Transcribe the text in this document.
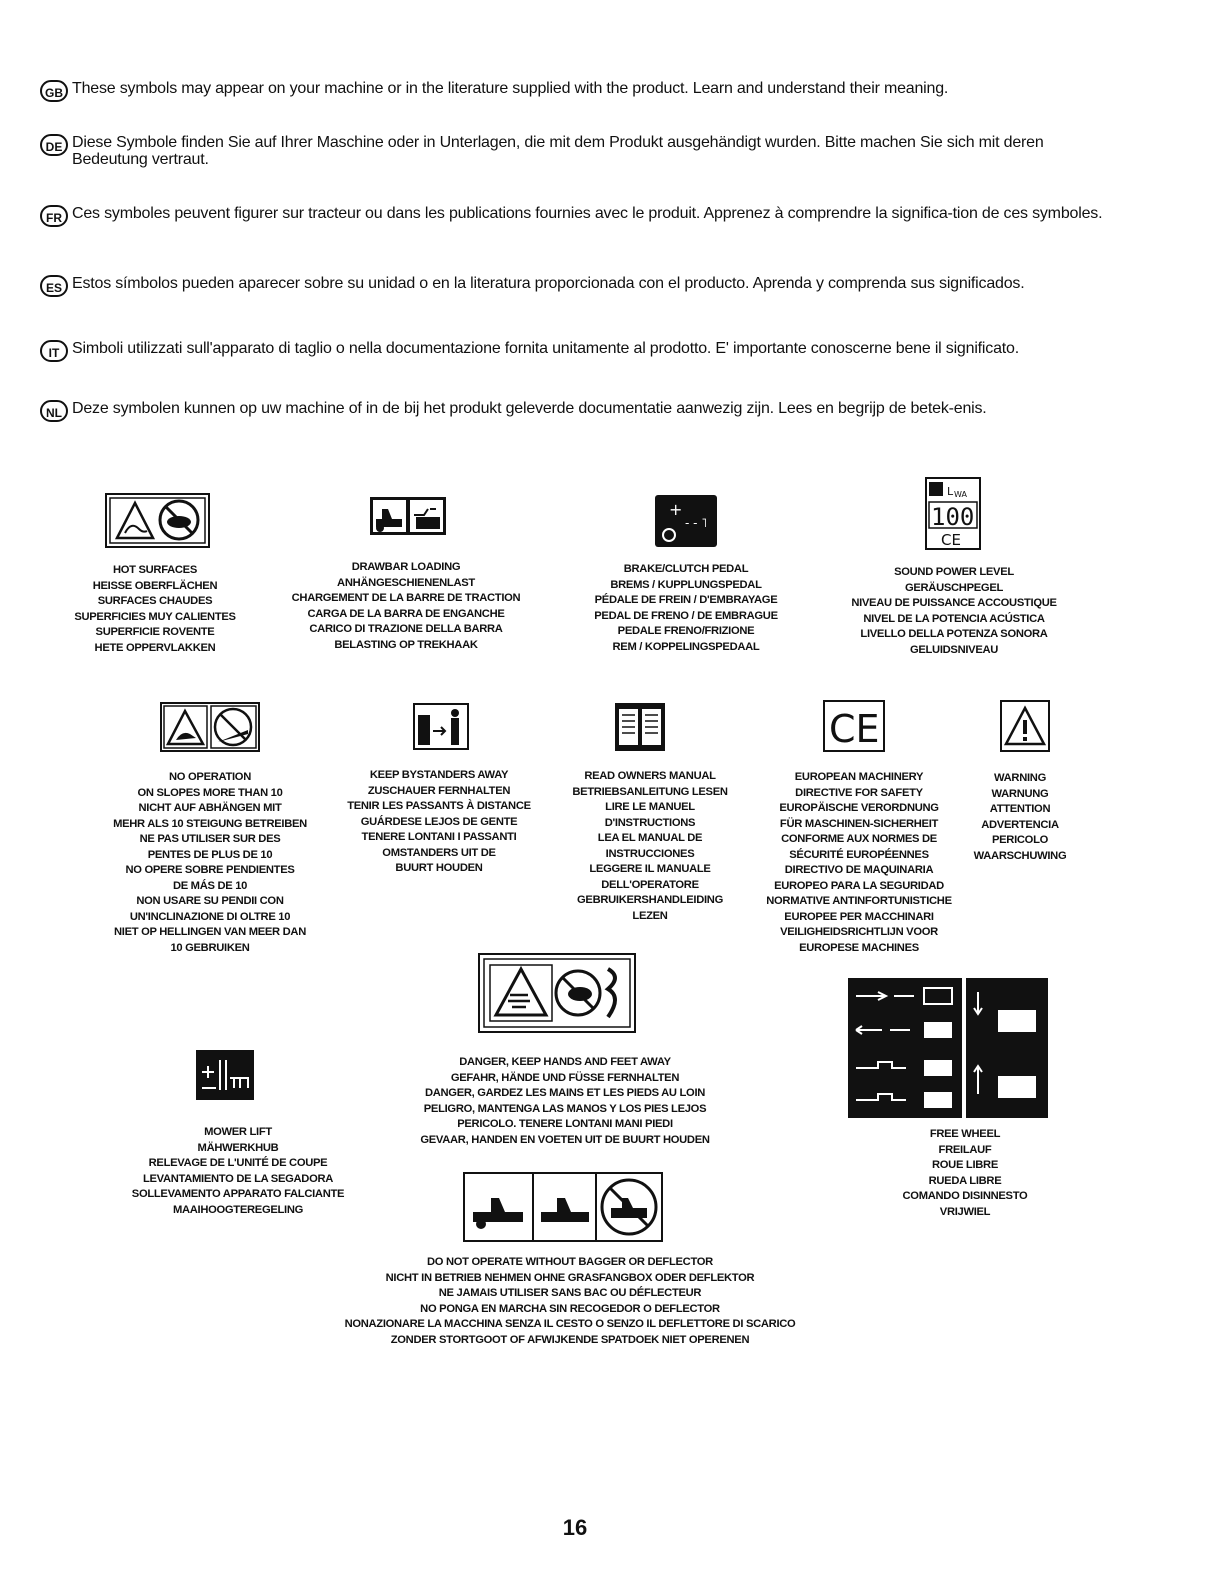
GB These symbols may appear on your machine or in the literature supplied with the product. Learn and understand their meaning.
DE Diese Symbole finden Sie auf Ihrer Maschine oder in Unterlagen, die mit dem Produkt ausgehändigt wurden. Bitte machen Sie sich mit deren Bedeutung vertraut.
FR Ces symboles peuvent figurer sur tracteur ou dans les publications fournies avec le produit. Apprenez à comprendre la significa-tion de ces symboles.
ES Estos símbolos pueden aparecer sobre su unidad o en la literatura proporcionada con el producto. Aprenda y comprenda sus significados.
IT Simboli utilizzati sull'apparato di taglio o nella documentazione fornita unitamente al prodotto. E' importante conoscerne bene il significato.
NL Deze symbolen kunnen op uw machine of in de bij het produkt geleverde documentatie aanwezig zijn. Lees en begrijp de betek-enis.
+
- - ˥
L WA
100
CE
HOT SURFACES
HEISSE OBERFLÄCHEN
SURFACES CHAUDES
SUPERFICIES MUY CALIENTES
SUPERFICIE ROVENTE
HETE OPPERVLAKKEN
DRAWBAR LOADING
ANHÄNGESCHIENENLAST
CHARGEMENT DE LA BARRE DE TRACTION
CARGA DE LA BARRA DE ENGANCHE
CARICO DI TRAZIONE DELLA BARRA
BELASTING OP TREKHAAK
BRAKE/CLUTCH PEDAL
BREMS / KUPPLUNGSPEDAL
PÉDALE DE FREIN / D'EMBRAYAGE
PEDAL DE FRENO / DE EMBRAGUE
PEDALE FRENO/FRIZIONE
REM / KOPPELINGSPEDAAL
SOUND POWER LEVEL
GERÄUSCHPEGEL
NIVEAU DE PUISSANCE ACCOUSTIQUE
NIVEL DE LA POTENCIA ACÚSTICA
LIVELLO DELLA POTENZA SONORA
GELUIDSNIVEAU
CE
NO OPERATION
ON SLOPES MORE THAN 10
NICHT AUF ABHÄNGEN MIT
MEHR ALS 10 STEIGUNG BETREIBEN
NE PAS UTILISER SUR DES
PENTES DE PLUS DE 10
NO OPERE SOBRE PENDIENTES
DE MÁS DE 10
NON USARE SU PENDII CON
UN'INCLINAZIONE DI OLTRE 10
NIET OP HELLINGEN VAN MEER DAN
10 GEBRUIKEN
KEEP BYSTANDERS AWAY
ZUSCHAUER FERNHALTEN
TENIR LES PASSANTS À DISTANCE
GUÁRDESE LEJOS DE GENTE
TENERE LONTANI I PASSANTI
OMSTANDERS UIT DE
BUURT HOUDEN
READ OWNERS MANUAL
BETRIEBSANLEITUNG LESEN
LIRE LE MANUEL
D'INSTRUCTIONS
LEA EL MANUAL DE
INSTRUCCIONES
LEGGERE IL MANUALE
DELL'OPERATORE
GEBRUIKERSHANDLEIDING
LEZEN
EUROPEAN MACHINERY
DIRECTIVE FOR SAFETY
EUROPÄISCHE VERORDNUNG
FÜR MASCHINEN-SICHERHEIT
CONFORME AUX NORMES DE
SÉCURITÉ EUROPÉENNES
DIRECTIVO DE MAQUINARIA
EUROPEO PARA LA SEGURIDAD
NORMATIVE ANTINFORTUNISTICHE
EUROPEE PER MACCHINARI
VEILIGHEIDSRICHTLIJN VOOR
EUROPESE MACHINES
WARNING
WARNUNG
ATTENTION
ADVERTENCIA
PERICOLO
WAARSCHUWING
DANGER, KEEP HANDS AND FEET AWAY
GEFAHR, HÄNDE UND FÜSSE FERNHALTEN
DANGER, GARDEZ LES MAINS ET LES PIEDS AU LOIN
PELIGRO, MANTENGA LAS MANOS Y LOS PIES LEJOS
PERICOLO. TENERE LONTANI MANI PIEDI
GEVAAR, HANDEN EN VOETEN UIT DE BUURT HOUDEN
MOWER LIFT
MÄHWERKHUB
RELEVAGE DE L'UNITÉ DE COUPE
LEVANTAMIENTO DE LA SEGADORA
SOLLEVAMENTO APPARATO FALCIANTE
MAAIHOOGTEREGELING
FREE WHEEL
FREILAUF
ROUE LIBRE
RUEDA LIBRE
COMANDO DISINNESTO
VRIJWIEL
DO NOT OPERATE WITHOUT BAGGER OR DEFLECTOR
NICHT IN BETRIEB NEHMEN OHNE GRASFANGBOX ODER DEFLEKTOR
NE JAMAIS UTILISER SANS BAC OU DÉFLECTEUR
NO PONGA EN MARCHA SIN RECOGEDOR O DEFLECTOR
NONAZIONARE LA MACCHINA SENZA IL CESTO O SENZO IL DEFLETTORE DI SCARICO
ZONDER STORTGOOT OF AFWIJKENDE SPATDOEK NIET OPERENEN
16
